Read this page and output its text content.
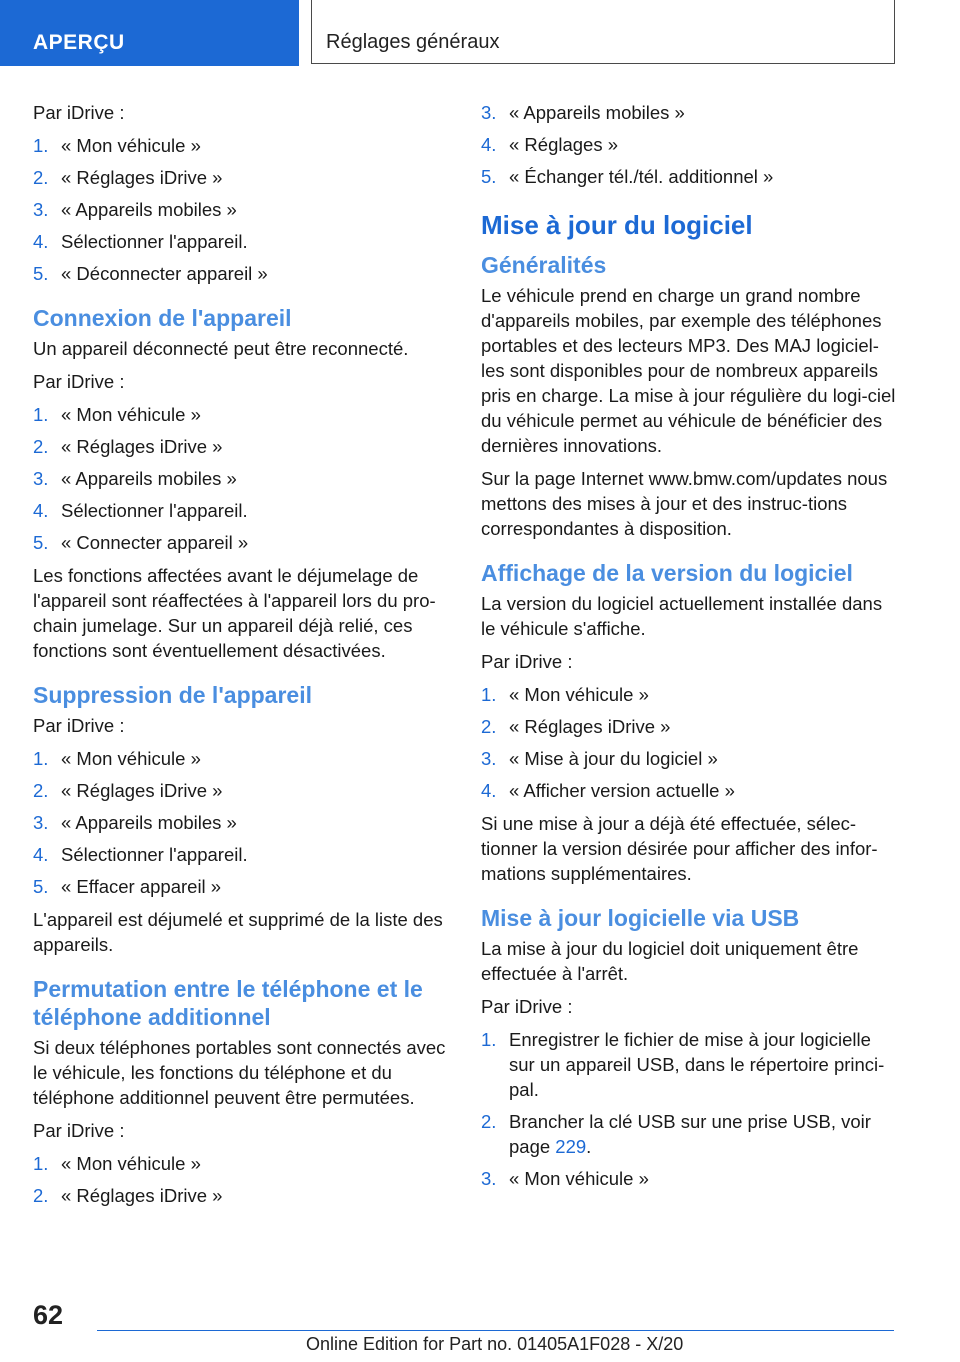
APERÇU	Réglages généraux

Par iDrive :

1. « Mon véhicule »
2. « Réglages iDrive »
3. « Appareils mobiles »
4. Sélectionner l'appareil.
5. « Déconnecter appareil »
Connexion de l'appareil

Un appareil déconnecté peut être reconnecté.

Par iDrive :

1. « Mon véhicule »
2. « Réglages iDrive »
3. « Appareils mobiles »
4. Sélectionner l'appareil.
5. « Connecter appareil »

Les fonctions affectées avant le déjumelage de l'appareil sont réaffectées à l'appareil lors du pro-chain jumelage. Sur un appareil déjà relié, ces fonctions sont éventuellement désactivées.

Suppression de l'appareil

Par iDrive :

1. « Mon véhicule »
2. « Réglages iDrive »
3. « Appareils mobiles »
4. Sélectionner l'appareil.
5. « Effacer appareil »

L'appareil est déjumelé et supprimé de la liste des appareils.

Permutation entre le téléphone et le téléphone additionnel

Si deux téléphones portables sont connectés avec le véhicule, les fonctions du téléphone et du téléphone additionnel peuvent être permutées.

Par iDrive :

1. « Mon véhicule »
2. « Réglages iDrive »
3. « Appareils mobiles »
4. « Réglages »
5. « Échanger tél./tél. additionnel »
Mise à jour du logiciel
Généralités

Le véhicule prend en charge un grand nombre d'appareils mobiles, par exemple des téléphones portables et des lecteurs MP3. Des MAJ logiciel-les sont disponibles pour de nombreux appareils pris en charge. La mise à jour régulière du logi-ciel du véhicule permet au véhicule de bénéficier des dernières innovations.

Sur la page Internet www.bmw.com/updates nous mettons des mises à jour et des instruc-tions correspondantes à disposition.

Affichage de la version du logiciel

La version du logiciel actuellement installée dans le véhicule s'affiche.

Par iDrive :

1. « Mon véhicule »
2. « Réglages iDrive »
3. « Mise à jour du logiciel »
4. « Afficher version actuelle »

Si une mise à jour a déjà été effectuée, sélec-tionner la version désirée pour afficher des infor-mations supplémentaires.

Mise à jour logicielle via USB

La mise à jour du logiciel doit uniquement être effectuée à l'arrêt.

Par iDrive :

1. Enregistrer le fichier de mise à jour logicielle sur un appareil USB, dans le répertoire princi-pal.
2. Brancher la clé USB sur une prise USB, voir page 229.
3. « Mon véhicule »
62
Online Edition for Part no. 01405A1F028 - X/20
